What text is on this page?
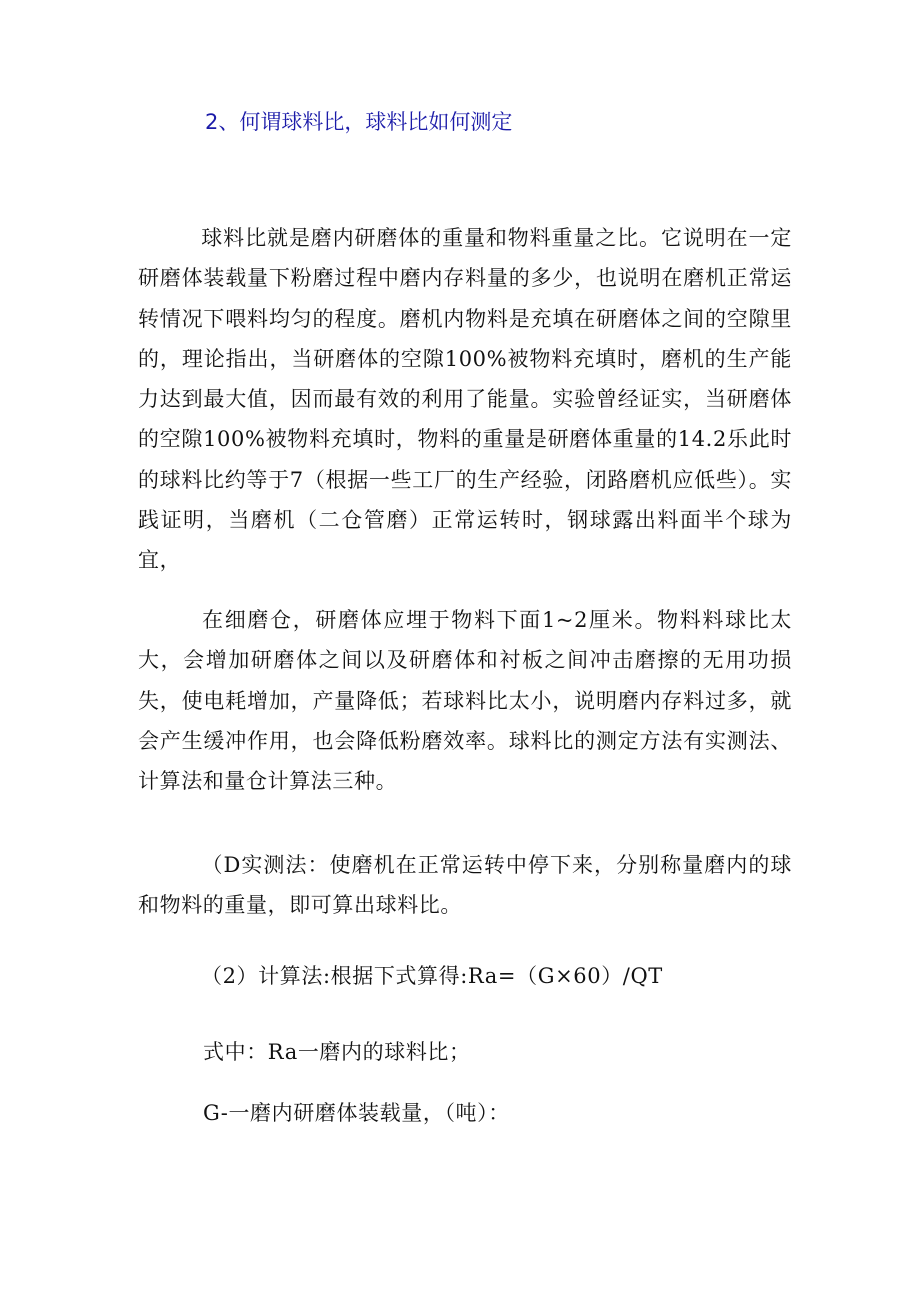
2、何谓球料比，球料比如何测定
球料比就是磨内研磨体的重量和物料重量之比。它说明在一定研磨体装载量下粉磨过程中磨内存料量的多少，也说明在磨机正常运转情况下喂料均匀的程度。磨机内物料是充填在研磨体之间的空隙里的，理论指出，当研磨体的空隙100%被物料充填时，磨机的生产能力达到最大值，因而最有效的利用了能量。实验曾经证实，当研磨体的空隙100%被物料充填时，物料的重量是研磨体重量的14.2乐此时的球料比约等于7（根据一些工厂的生产经验，闭路磨机应低些）。实践证明，当磨机（二仓管磨）正常运转时，钢球露出料面半个球为宜，
在细磨仓，研磨体应埋于物料下面1~2厘米。物料料球比太大，会增加研磨体之间以及研磨体和衬板之间冲击磨擦的无用功损失，使电耗增加，产量降低；若球料比太小，说明磨内存料过多，就会产生缓冲作用，也会降低粉磨效率。球料比的测定方法有实测法、计算法和量仓计算法三种。
（D实测法：使磨机在正常运转中停下来，分别称量磨内的球和物料的重量，即可算出球料比。
（2）计算法:根据下式算得:Ra=（G×60）/QT
式中：Ra一磨内的球料比；
G-一磨内研磨体装载量，（吨）：
